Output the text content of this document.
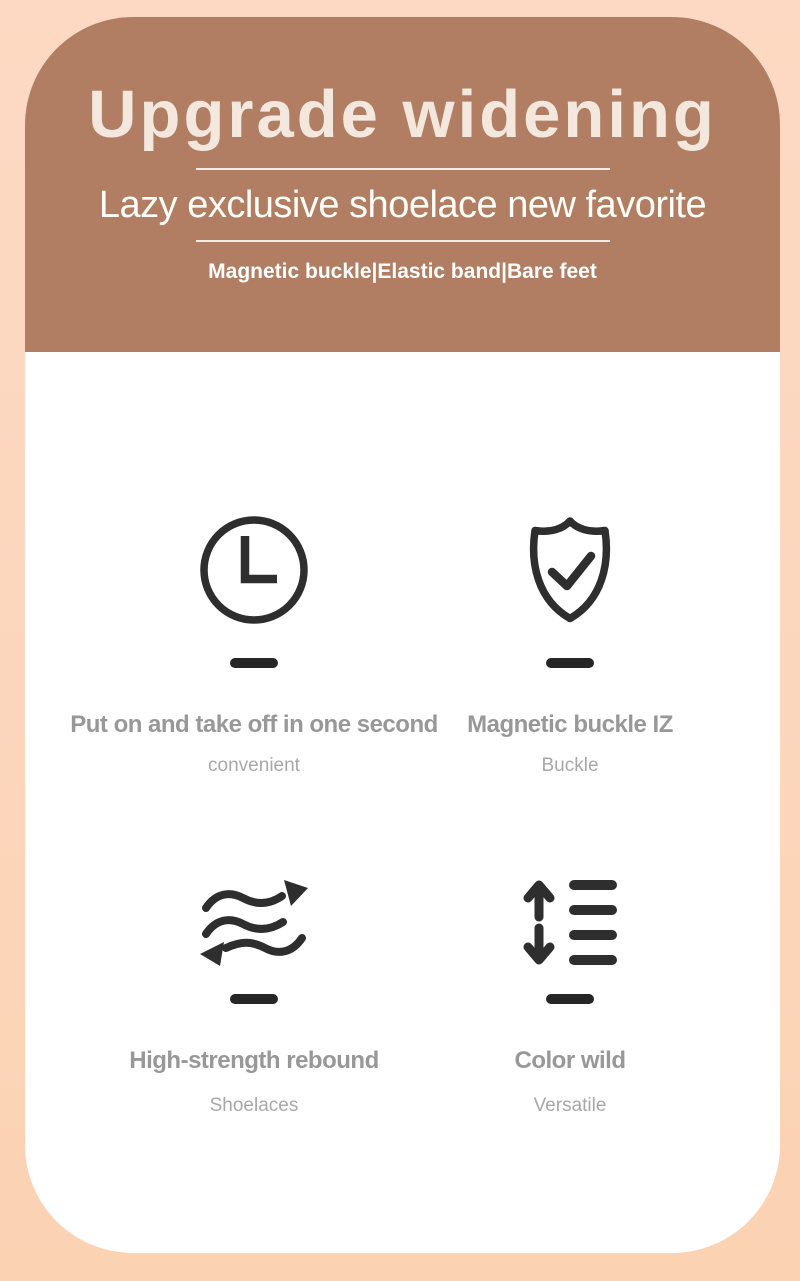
Upgrade widening
Lazy exclusive shoelace new favorite
Magnetic buckle|Elastic band|Bare feet
Put on and take off in one second
convenient
Magnetic buckle IZ
Buckle
High-strength rebound
Shoelaces
Color wild
Versatile
